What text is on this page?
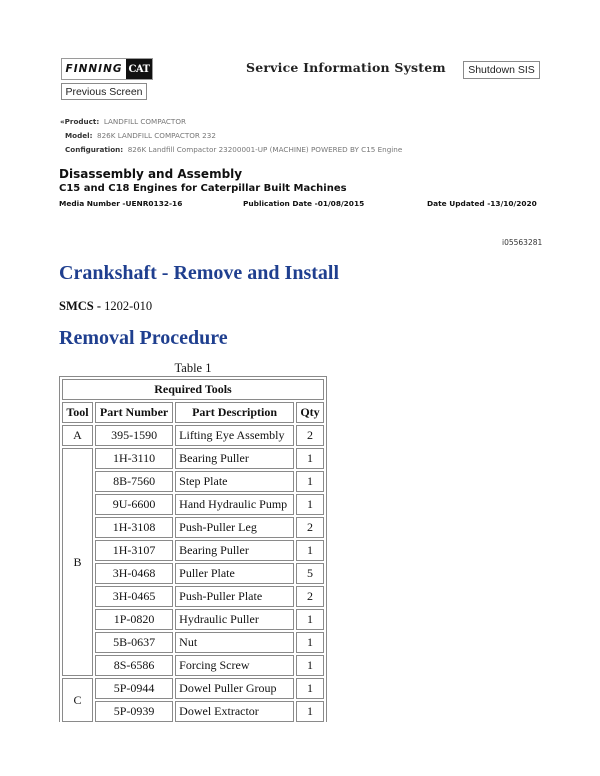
FINNING CAT
Previous Screen
Service Information System	Shutdown SIS
«Product: LANDFILL COMPACTOR
Model: 826K LANDFILL COMPACTOR 232
Configuration: 826K Landfill Compactor 23200001-UP (MACHINE) POWERED BY C15 Engine
Disassembly and Assembly
C15 and C18 Engines for Caterpillar Built Machines
Media Number -UENR0132-16	Publication Date -01/08/2015	Date Updated -13/10/2020
i05563281
Crankshaft - Remove and Install
SMCS - 1202-010
Removal Procedure
Table 1
Required Tools			
Tool	Part Number	Part Description	Qty
A	395-1590	Lifting Eye Assembly	2
B	1H-3110	Bearing Puller	1
	8B-7560	Step Plate	1
	9U-6600	Hand Hydraulic Pump	1
	1H-3108	Push-Puller Leg	2
	1H-3107	Bearing Puller	1
	3H-0468	Puller Plate	5
	3H-0465	Push-Puller Plate	2
	1P-0820	Hydraulic Puller	1
	5B-0637	Nut	1
	8S-6586	Forcing Screw	1
C	5P-0944	Dowel Puller Group	1
	5P-0939	Dowel Extractor	1
